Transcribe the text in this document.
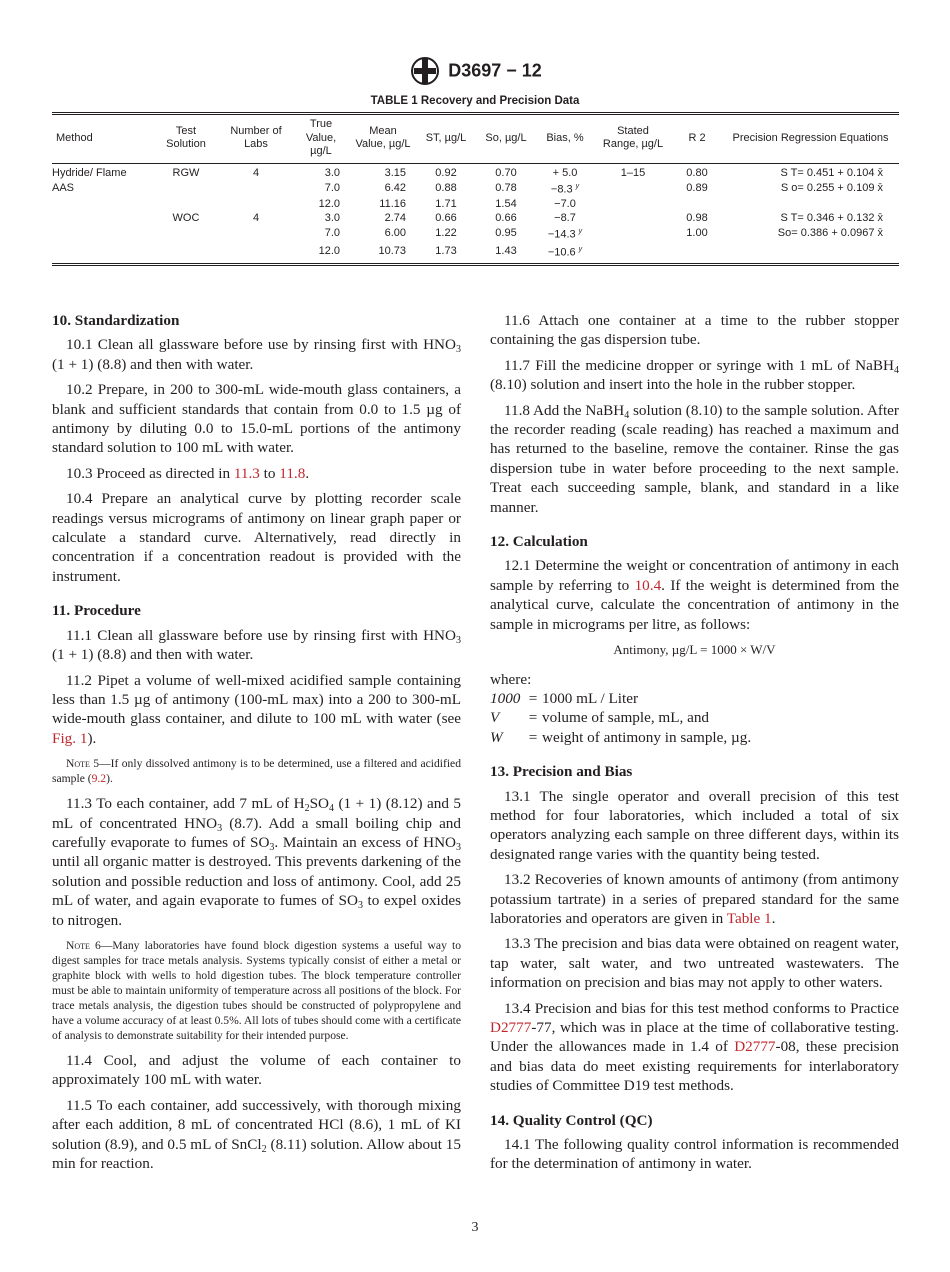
D3697 − 12
TABLE 1 Recovery and Precision Data
Method	Test Solution	Number of Labs	True Value, µg/L	Mean Value, µg/L	ST, µg/L	So, µg/L	Bias, %	Stated Range, µg/L	R 2	Precision Regression Equations
Hydride/ Flame	RGW	4	3.0	3.15	0.92	0.70	+ 5.0	1–15	0.80	S T= 0.451 + 0.104 x̄
AAS			7.0	6.42	0.88	0.78	−8.3 $^y$		0.89	S o= 0.255 + 0.109 x̄
			12.0	11.16	1.71	1.54	−7.0			
	WOC	4	3.0	2.74	0.66	0.66	−8.7		0.98	S T= 0.346 + 0.132 x̄
			7.0	6.00	1.22	0.95	−14.3 $^y$		1.00	So= 0.386 + 0.0967 x̄
			12.0	10.73	1.73	1.43	−10.6 $^y$			
10. Standardization
10.1 Clean all glassware before use by rinsing first with $HNO_3$ (1 + 1) (8.8) and then with water.
10.2 Prepare, in 200 to 300-mL wide-mouth glass containers, a blank and sufficient standards that contain from 0.0 to 1.5 µg of antimony by diluting 0.0 to 15.0-mL portions of the antimony standard solution to 100 mL with water.
10.3 Proceed as directed in 11.3 to 11.8.
10.4 Prepare an analytical curve by plotting recorder scale readings versus micrograms of antimony on linear graph paper or calculate a standard curve. Alternatively, read directly in concentration if a concentration readout is provided with the instrument.
11. Procedure
11.1 Clean all glassware before use by rinsing first with $HNO_3$ (1 + 1) (8.8) and then with water.
11.2 Pipet a volume of well-mixed acidified sample containing less than 1.5 µg of antimony (100-mL max) into a 200 to 300-mL wide-mouth glass container, and dilute to 100 mL with water (see Fig. 1).
Note 5—If only dissolved antimony is to be determined, use a filtered and acidified sample (9.2).
11.3 To each container, add 7 mL of $H_2SO_4$ (1 + 1) (8.12) and 5 mL of concentrated $HNO_3$ (8.7). Add a small boiling chip and carefully evaporate to fumes of $SO_3$. Maintain an excess of $HNO_3$ until all organic matter is destroyed. This prevents darkening of the solution and possible reduction and loss of antimony. Cool, add 25 mL of water, and again evaporate to fumes of $SO_3$ to expel oxides to nitrogen.
Note 6—Many laboratories have found block digestion systems a useful way to digest samples for trace metals analysis. Systems typically consist of either a metal or graphite block with wells to hold digestion tubes. The block temperature controller must be able to maintain uniformity of temperature across all positions of the block. For trace metals analysis, the digestion tubes should be constructed of polypropylene and have a volume accuracy of at least 0.5%. All lots of tubes should come with a certificate of analysis to demonstrate suitability for their intended purpose.
11.4 Cool, and adjust the volume of each container to approximately 100 mL with water.
11.5 To each container, add successively, with thorough mixing after each addition, 8 mL of concentrated HCl (8.6), 1 mL of KI solution (8.9), and 0.5 mL of SnCl$_2$ (8.11) solution. Allow about 15 min for reaction.
11.6 Attach one container at a time to the rubber stopper containing the gas dispersion tube.
11.7 Fill the medicine dropper or syringe with 1 mL of NaBH$_4$ (8.10) solution and insert into the hole in the rubber stopper.
11.8 Add the NaBH$_4$ solution (8.10) to the sample solution. After the recorder reading (scale reading) has reached a maximum and has returned to the baseline, remove the container. Rinse the gas dispersion tube in water before proceeding to the next sample. Treat each succeeding sample, blank, and standard in a like manner.
12. Calculation
12.1 Determine the weight or concentration of antimony in each sample by referring to 10.4. If the weight is determined from the analytical curve, calculate the concentration of antimony in the sample in micrograms per litre, as follows:
Antimony, µg/L = 1000 × W/V
where:
1000 = 1000 mL / Liter
V	= volume of sample, mL, and
W	= weight of antimony in sample, µg.
13. Precision and Bias
13.1 The single operator and overall precision of this test method for four laboratories, which included a total of six operators analyzing each sample on three different days, within its designated range varies with the quantity being tested.
13.2 Recoveries of known amounts of antimony (from antimony potassium tartrate) in a series of prepared standard for the same laboratories and operators are given in Table 1.
13.3 The precision and bias data were obtained on reagent water, tap water, salt water, and two untreated wastewaters. The information on precision and bias may not apply to other waters.
13.4 Precision and bias for this test method conforms to Practice D2777-77, which was in place at the time of collaborative testing. Under the allowances made in 1.4 of D2777-08, these precision and bias data do meet existing requirements for interlaboratory studies of Committee D19 test methods.
14. Quality Control (QC)
14.1 The following quality control information is recommended for the determination of antimony in water.
3
